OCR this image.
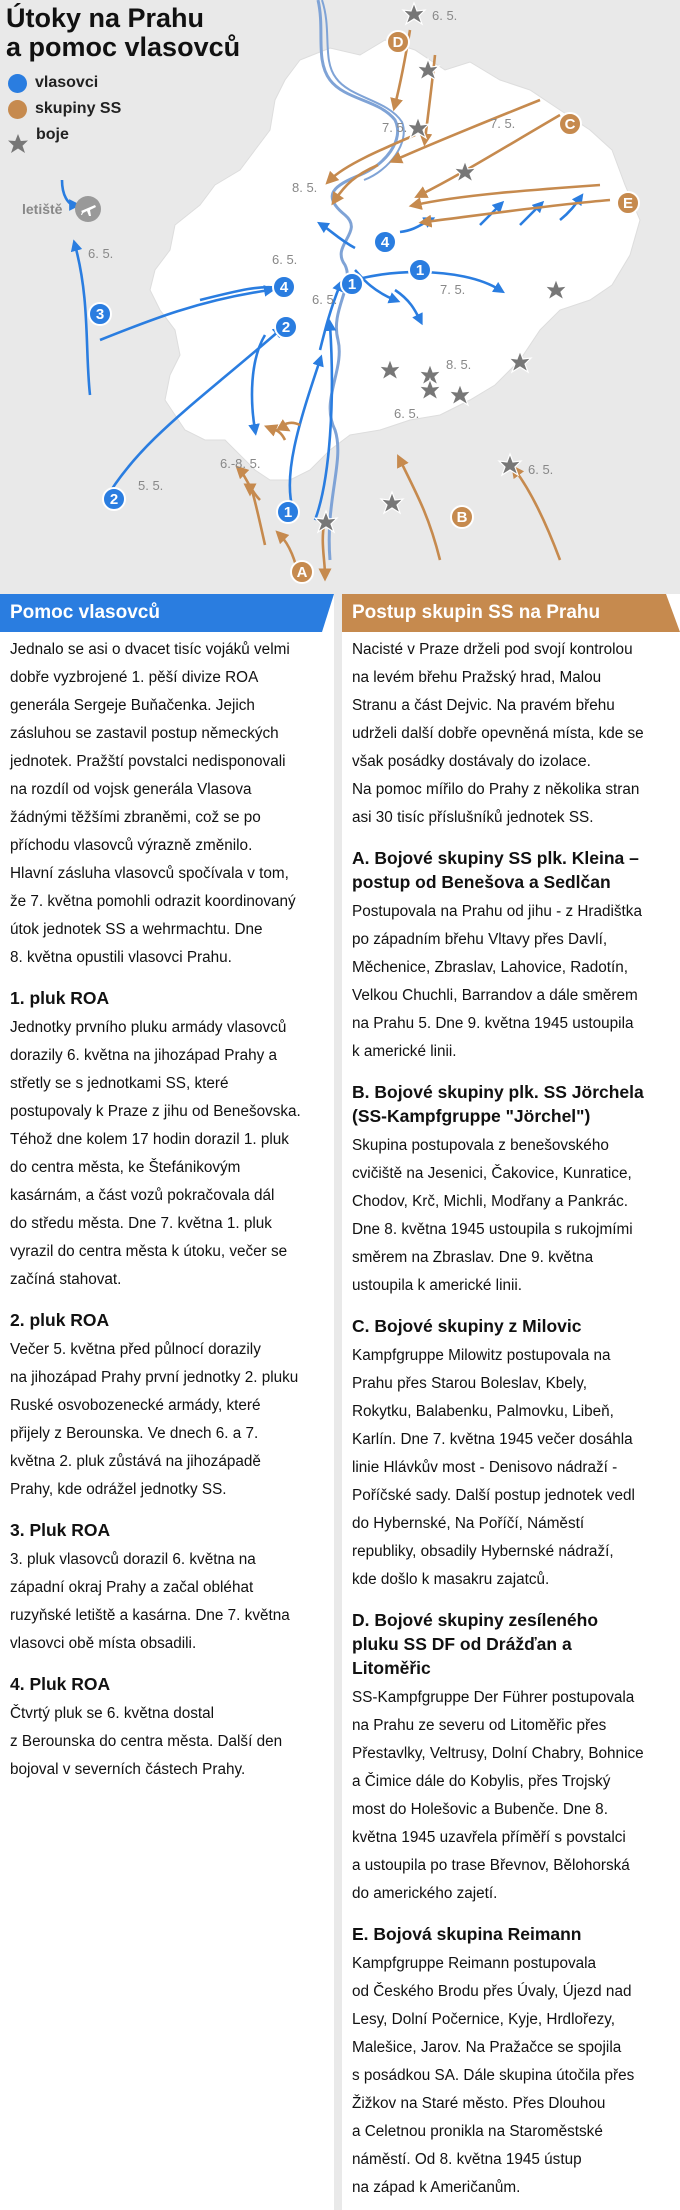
Útoky na Prahu
a pomoc vlasovců
vlasovci
skupiny SS
boje
letiště
6. 5.
7. 5.	7. 5.
8. 5.
6. 5.	6. 5.
6. 5.
7. 5.
8. 5.
6. 5.
6. 5.
5. 5.
6.-8. 5.
1
1
2
2
3
4
4
1
A
B
C
D
E
Pomoc vlasovců

Jednalo se asi o dvacet tisíc vojáků velmi
dobře vyzbrojené 1. pěší divize ROA
generála Sergeje Buňačenka. Jejich
zásluhou se zastavil postup německých
jednotek. Pražští povstalci nedisponovali
na rozdíl od vojsk generála Vlasova
žádnými těžšími zbraněmi, což se po
příchodu vlasovců výrazně změnilo.
Hlavní zásluha vlasovců spočívala v tom,
že 7. května pomohli odrazit koordinovaný
útok jednotek SS a wehrmachtu. Dne
8. května opustili vlasovci Prahu.

1. pluk ROA

Jednotky prvního pluku armády vlasovců
dorazily 6. května na jihozápad Prahy a
střetly se s jednotkami SS, které
postupovaly k Praze z jihu od Benešovska.
Téhož dne kolem 17 hodin dorazil 1. pluk
do centra města, ke Štefánikovým
kasárnám, a část vozů pokračovala dál
do středu města. Dne 7. května 1. pluk
vyrazil do centra města k útoku, večer se
začíná stahovat.

2. pluk ROA

Večer 5. května před půlnocí dorazily
na jihozápad Prahy první jednotky 2. pluku
Ruské osvobozenecké armády, které
přijely z Berounska. Ve dnech 6. a 7.
května 2. pluk zůstává na jihozápadě
Prahy, kde odrážel jednotky SS.

3. Pluk ROA

3. pluk vlasovců dorazil 6. května na
západní okraj Prahy a začal obléhat
ruzyňské letiště a kasárna. Dne 7. května
vlasovci obě místa obsadili.

4. Pluk ROA

Čtvrtý pluk se 6. května dostal
z Berounska do centra města. Další den
bojoval v severních částech Prahy.

Postup skupin SS na Prahu

Nacisté v Praze drželi pod svojí kontrolou
na levém břehu Pražský hrad, Malou
Stranu a část Dejvic. Na pravém břehu
udrželi další dobře opevněná místa, kde se
však posádky dostávaly do izolace.
Na pomoc mířilo do Prahy z několika stran
asi 30 tisíc příslušníků jednotek SS.

A. Bojové skupiny SS plk. Kleina –
postup od Benešova a Sedlčan

Postupovala na Prahu od jihu - z Hradištka
po západním břehu Vltavy přes Davlí,
Měchenice, Zbraslav, Lahovice, Radotín,
Velkou Chuchli, Barrandov a dále směrem
na Prahu 5. Dne 9. května 1945 ustoupila
k americké linii.

B. Bojové skupiny plk. SS Jörchela
(SS-Kampfgruppe "Jörchel")

Skupina postupovala z benešovského
cvičiště na Jesenici, Čakovice, Kunratice,
Chodov, Krč, Michli, Modřany a Pankrác.
Dne 8. května 1945 ustoupila s rukojmími
směrem na Zbraslav. Dne 9. května
ustoupila k americké linii.

C. Bojové skupiny z Milovic

Kampfgruppe Milowitz postupovala na
Prahu přes Starou Boleslav, Kbely,
Rokytku, Balabenku, Palmovku, Libeň,
Karlín. Dne 7. května 1945 večer dosáhla
linie Hlávkův most - Denisovo nádraží -
Poříčské sady. Další postup jednotek vedl
do Hybernské, Na Poříčí, Náměstí
republiky, obsadily Hybernské nádraží,
kde došlo k masakru zajatců.

D. Bojové skupiny zesíleného
pluku SS DF od Drážďan a
Litoměřic

SS-Kampfgruppe Der Führer postupovala
na Prahu ze severu od Litoměřic přes
Přestavlky, Veltrusy, Dolní Chabry, Bohnice
a Čimice dále do Kobylis, přes Trojský
most do Holešovic a Bubenče. Dne 8.
května 1945 uzavřela příměří s povstalci
a ustoupila po trase Břevnov, Bělohorská
do amerického zajetí.

E. Bojová skupina Reimann

Kampfgruppe Reimann postupovala
od Českého Brodu přes Úvaly, Újezd nad
Lesy, Dolní Počernice, Kyje, Hrdlořezy,
Malešice, Jarov. Na Pražačce se spojila
s posádkou SA. Dále skupina útočila přes
Žižkov na Staré město. Přes Dlouhou
a Celetnou pronikla na Staroměstské
náměstí. Od 8. května 1945 ústup
na západ k Američanům.
